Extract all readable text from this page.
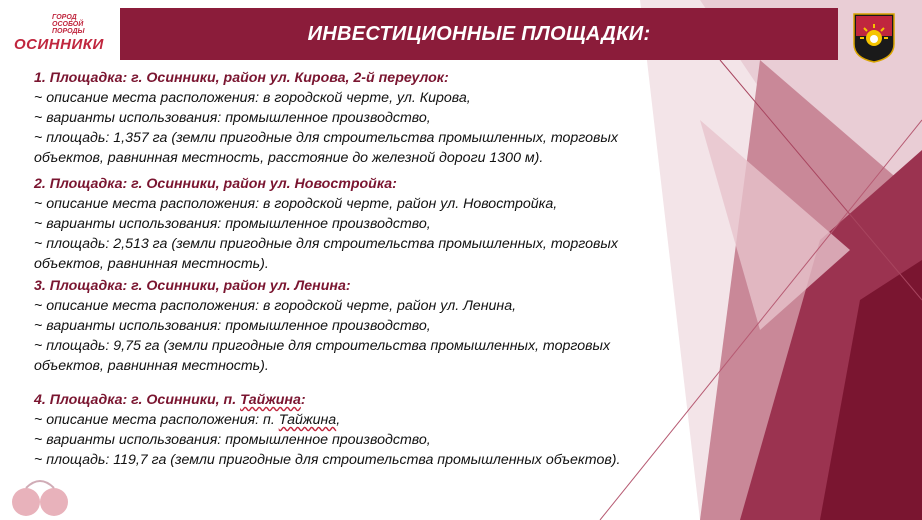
ГОРОД
ОСОБОЙ
ПОРОДЫ
ОСИННИКИ	ИНВЕСТИЦИОННЫЕ ПЛОЩАДКИ:
1. Площадка: г. Осинники, район ул. Кирова, 2-й переулок:
~ описание места расположения: в городской черте, ул. Кирова,
~ варианты использования: промышленное производство,
~ площадь: 1,357 га (земли пригодные для строительства промышленных, торговых
объектов, равнинная местность, расстояние до железной дороги 1300 м).
2. Площадка: г. Осинники, район ул. Новостройка:
~ описание места расположения: в городской черте, район ул. Новостройка,
~ варианты использования: промышленное производство,
~ площадь: 2,513 га (земли пригодные для строительства промышленных, торговых
объектов, равнинная местность).
3. Площадка: г. Осинники, район ул. Ленина:
~ описание места расположения: в городской черте, район ул. Ленина,
~ варианты использования: промышленное производство,
~ площадь: 9,75 га (земли пригодные для строительства промышленных, торговых
объектов, равнинная местность).
4. Площадка: г. Осинники, п. Тайжина:
~ описание места расположения: п. Тайжина,
~ варианты использования: промышленное производство,
~ площадь: 119,7 га (земли пригодные для строительства промышленных объектов).
